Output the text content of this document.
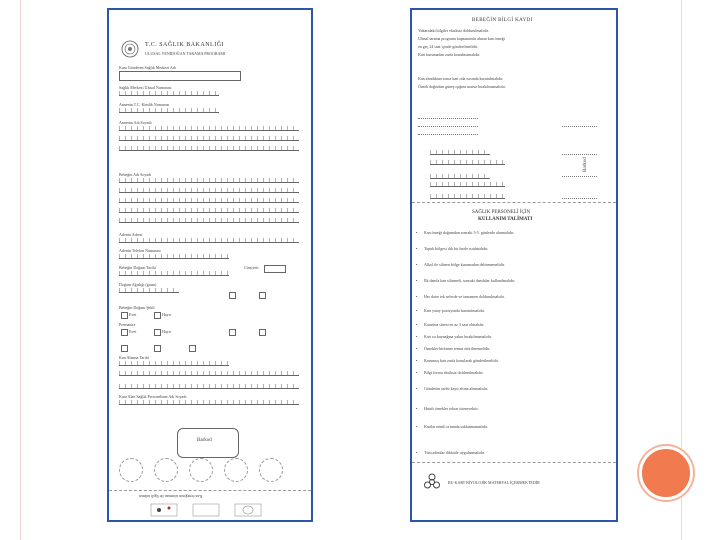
T.C. SAĞLIK BAKANLIĞI
ULUSAL YENİDOĞAN TARAMA PROGRAMI
Kanı Gönderen Sağlık Merkezi Adı
Sağlık Merkezi Ulusal Numarası
Annenin T.C. Kimlik Numarası
Annenin Adı Soyadı
Bebeğin Adı Soyadı
Ailenin Adresi
Ailenin Telefon Numarası
Bebeğin Doğum Tarihi	Cinsiyeti
Doğum Ağırlığı (gram)
Bebeğin Doğum Şekli
Evet	Hayır
Prematüre
Evet	Hayır
Kan Alınma Tarihi
Kanı Alan Sağlık Personelinin Adı Soyadı
Barkod
Kan örneğinin alınması ile ilgili talimat
BEBEĞİN BİLGİ KAYDI
Yukarıdaki bilgiler eksiksiz doldurulmalıdır.
Ulusal tarama programı kapsamında alınan kan örneği
en geç 24 saat içinde gönderilmelidir.
Kart kurumadan zarfa konulmamalıdır.
Kan alındıktan sonra kart oda ısısında kurutulmalıdır.
Örnek doğrudan güneş ışığına maruz bırakılmamalıdır.
Barkod
SAĞLIK PERSONELİ İÇİN
KULLANIM TALİMATI
• Kan örneği doğumdan sonraki 3-5. günlerde alınmalıdır.
• Topuk bölgesi ılık bir bezle ısıtılmalıdır.
• Alkol ile silinen bölge kurumadan delinmemelidir.
• İlk damla kan silinmeli, sonraki damlalar kullanılmalıdır.
• Her daire tek seferde ve tamamen doldurulmalıdır.
• Kart yatay pozisyonda kurutulmalıdır.
• Kurutma süresi en az 3 saat olmalıdır.
• Kart ısı kaynağına yakın bırakılmamalıdır.
• Örnekler birbirine temas ettirilmemelidir.
• Kurumuş kart zarfa konularak gönderilmelidir.
• Bilgi formu eksiksiz doldurulmalıdır.
• Gönderim tarihi kayıt altına alınmalıdır.
• Hatalı örnekler tekrar istenecektir.
• Kartlar nemli ortamda saklanmamalıdır.
• Tüm adımlar dikkatle uygulanmalıdır.
BU KART BİYOLOJİK MATERYAL İÇERMEKTEDİR
